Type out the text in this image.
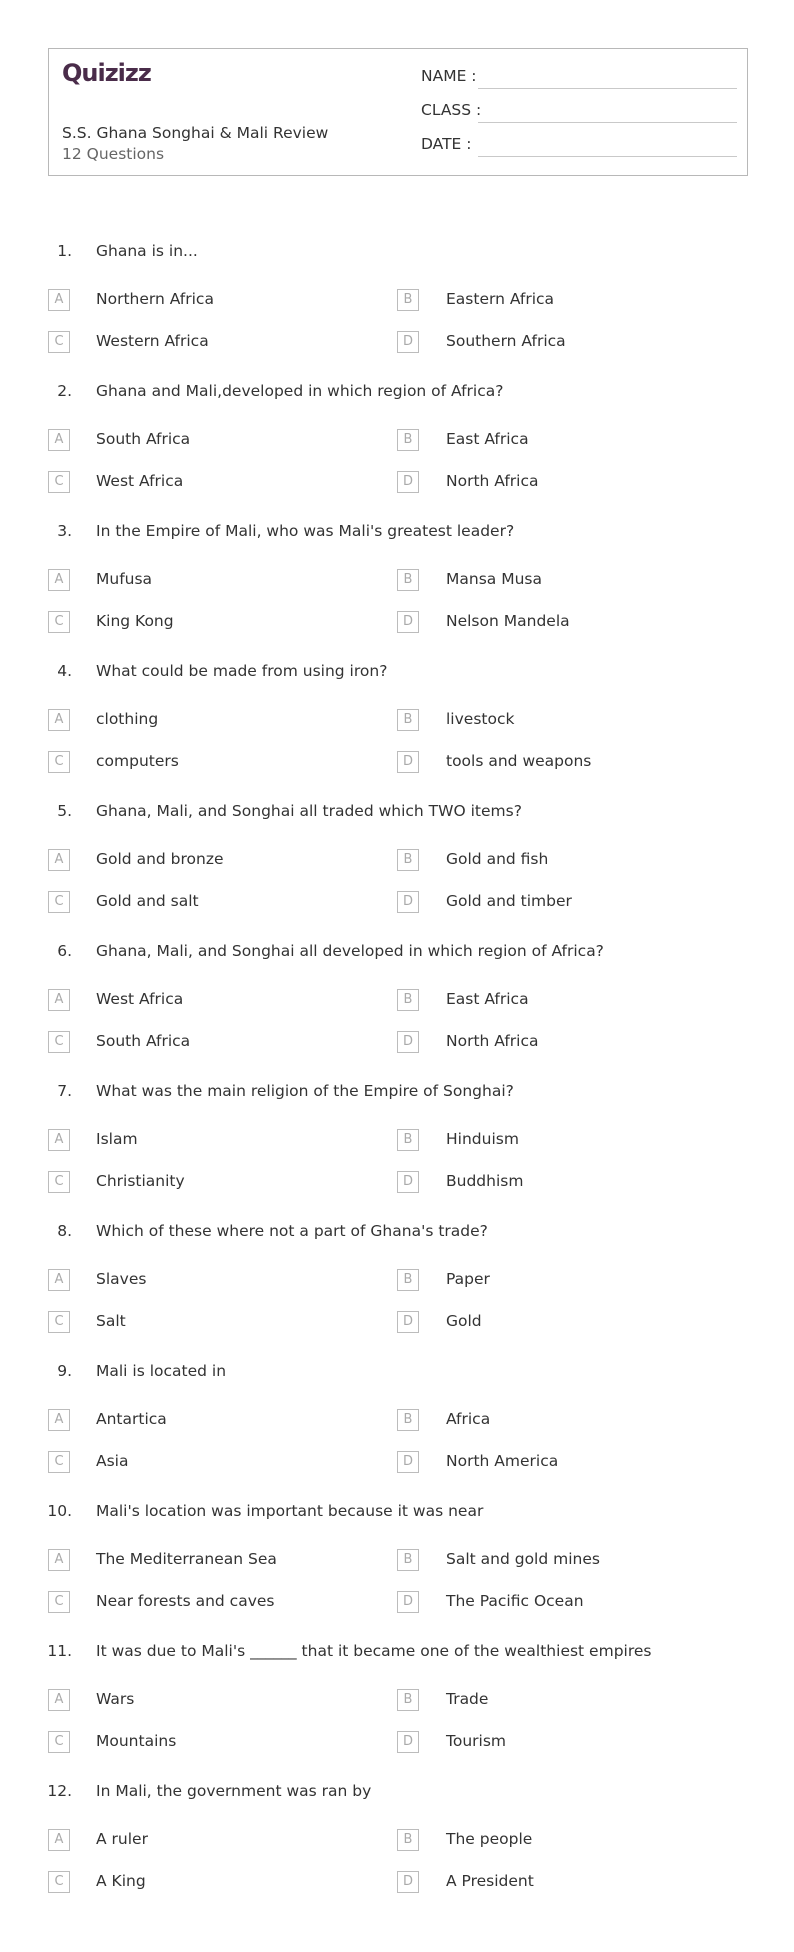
Quizizz
S.S. Ghana Songhai & Mali Review
12 Questions
NAME :
CLASS :
DATE :
1. Ghana is in...
A	Northern Africa	B	Eastern Africa
C	Western Africa	D	Southern Africa
2. Ghana and Mali,developed in which region of Africa?
A	South Africa	B	East Africa
C	West Africa	D	North Africa
3. In the Empire of Mali, who was Mali's greatest leader?
A	Mufusa	B	Mansa Musa
C	King Kong	D	Nelson Mandela
4. What could be made from using iron?
A	clothing	B	livestock
C	computers	D	tools and weapons
5. Ghana, Mali, and Songhai all traded which TWO items?
A	Gold and bronze	B	Gold and fish
C	Gold and salt	D	Gold and timber
6. Ghana, Mali, and Songhai all developed in which region of Africa?
A	West Africa	B	East Africa
C	South Africa	D	North Africa
7. What was the main religion of the Empire of Songhai?
A	Islam	B	Hinduism
C	Christianity	D	Buddhism
8. Which of these where not a part of Ghana's trade?
A	Slaves	B	Paper
C	Salt	D	Gold
9. Mali is located in
A	Antartica	B	Africa
C	Asia	D	North America
10. Mali's location was important because it was near
A	The Mediterranean Sea	B	Salt and gold mines
C	Near forests and caves	D	The Pacific Ocean
11. It was due to Mali's ______ that it became one of the wealthiest empires
A	Wars	B	Trade
C	Mountains	D	Tourism
12. In Mali, the government was ran by
A	A ruler	B	The people
C	A King	D	A President
